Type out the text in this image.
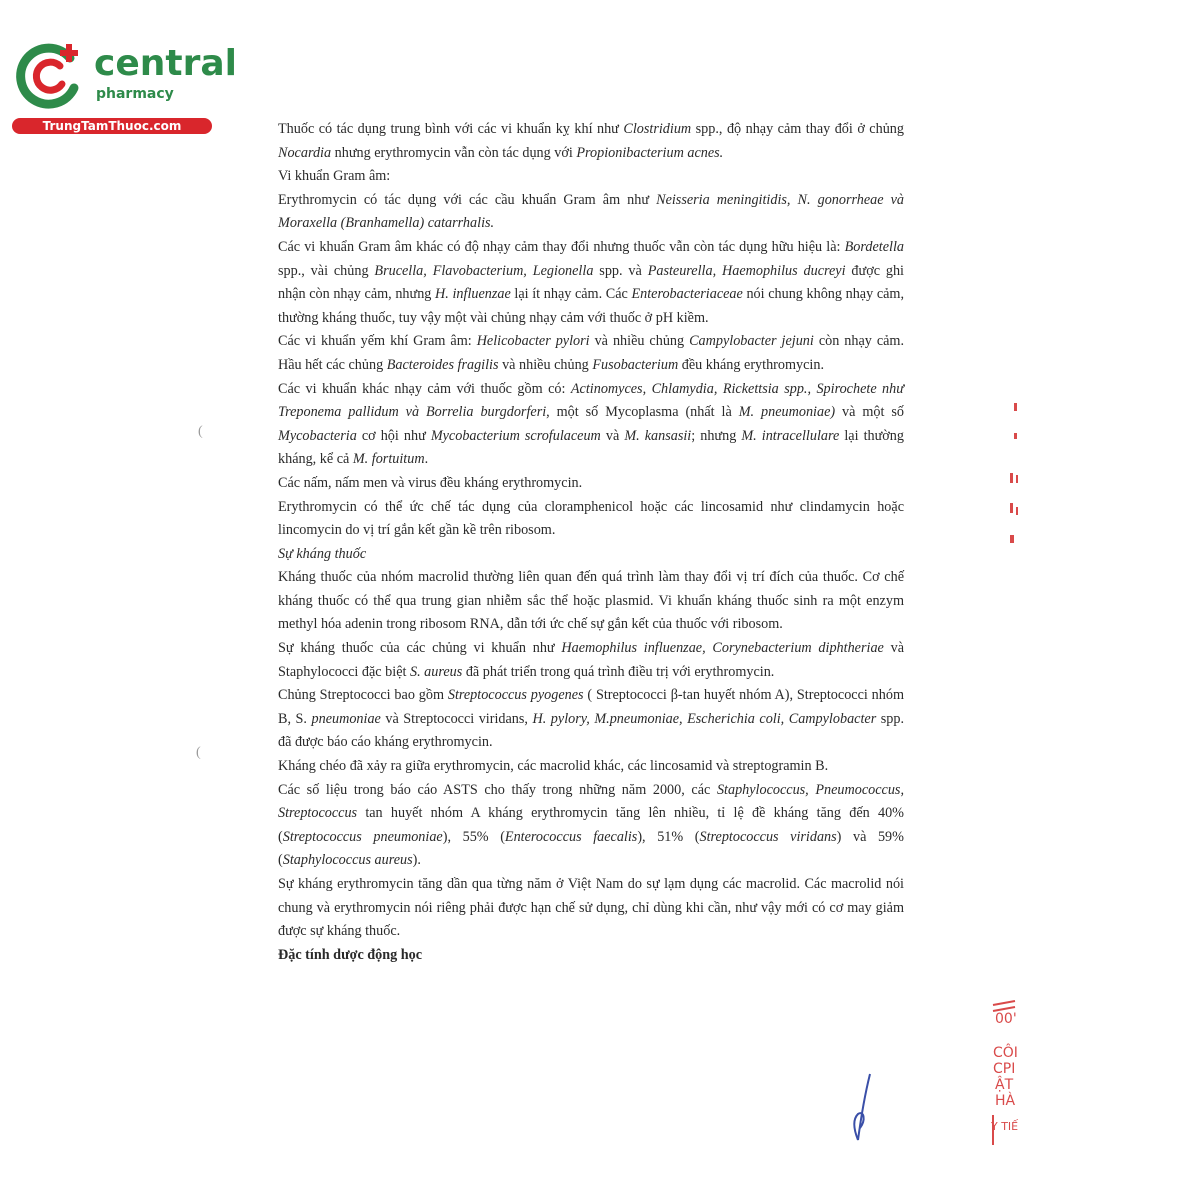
central
pharmacy
TrungTamThuoc.com	Thuốc có tác dụng trung bình với các vi khuẩn kỵ khí như Clostridium spp., độ nhạy cảm thay đổi ở chủng Nocardia nhưng erythromycin vẫn còn tác dụng với Propionibacterium acnes.

Vi khuẩn Gram âm:

Erythromycin có tác dụng với các cầu khuẩn Gram âm như Neisseria meningitidis, N. gonorrheae và Moraxella (Branhamella) catarrhalis.

Các vi khuẩn Gram âm khác có độ nhạy cảm thay đổi nhưng thuốc vẫn còn tác dụng hữu hiệu là: Bordetella spp., vài chủng Brucella, Flavobacterium, Legionella spp. và Pasteurella, Haemophilus ducreyi được ghi nhận còn nhạy cảm, nhưng H. influenzae lại ít nhạy cảm. Các Enterobacteriaceae nói chung không nhạy cảm, thường kháng thuốc, tuy vậy một vài chủng nhạy cảm với thuốc ở pH kiềm.

Các vi khuẩn yếm khí Gram âm: Helicobacter pylori và nhiều chủng Campylobacter jejuni còn nhạy cảm. Hầu hết các chủng Bacteroides fragilis và nhiều chủng Fusobacterium đều kháng erythromycin.

Các vi khuẩn khác nhạy cảm với thuốc gồm có: Actinomyces, Chlamydia, Rickettsia spp., Spirochete như Treponema pallidum và Borrelia burgdorferi, một số Mycoplasma (nhất là M. pneumoniae) và một số Mycobacteria cơ hội như Mycobacterium scrofulaceum và M. kansasii; nhưng M. intracellulare lại thường kháng, kể cả M. fortuitum.

Các nấm, nấm men và virus đều kháng erythromycin.

Erythromycin có thể ức chế tác dụng của cloramphenicol hoặc các lincosamid như clindamycin hoặc lincomycin do vị trí gắn kết gần kề trên ribosom.

Sự kháng thuốc

Kháng thuốc của nhóm macrolid thường liên quan đến quá trình làm thay đổi vị trí đích của thuốc. Cơ chế kháng thuốc có thể qua trung gian nhiễm sắc thể hoặc plasmid. Vi khuẩn kháng thuốc sinh ra một enzym methyl hóa adenin trong ribosom RNA, dẫn tới ức chế sự gắn kết của thuốc với ribosom.

Sự kháng thuốc của các chủng vi khuẩn như Haemophilus influenzae, Corynebacterium diphtheriae và Staphylococci đặc biệt S. aureus đã phát triển trong quá trình điều trị với erythromycin.

Chủng Streptococci bao gồm Streptococcus pyogenes ( Streptococci β-tan huyết nhóm A), Streptococci nhóm B, S. pneumoniae và Streptococci viridans, H. pylory, M.pneumoniae, Escherichia coli, Campylobacter spp. đã được báo cáo kháng erythromycin.

Kháng chéo đã xảy ra giữa erythromycin, các macrolid khác, các lincosamid và streptogramin B.

Các số liệu trong báo cáo ASTS cho thấy trong những năm 2000, các Staphylococcus, Pneumococcus, Streptococcus tan huyết nhóm A kháng erythromycin tăng lên nhiều, tỉ lệ đề kháng tăng đến 40% (Streptococcus pneumoniae), 55% (Enterococcus faecalis), 51% (Streptococcus viridans) và 59% (Staphylococcus aureus).

Sự kháng erythromycin tăng dần qua từng năm ở Việt Nam do sự lạm dụng các macrolid. Các macrolid nói chung và erythromycin nói riêng phải được hạn chế sử dụng, chỉ dùng khi cần, như vậy mới có cơ may giảm được sự kháng thuốc.

Đặc tính dược động học

(
(
00'
CÔI
CPI
ẬT
HÀ
Y TIẾ
